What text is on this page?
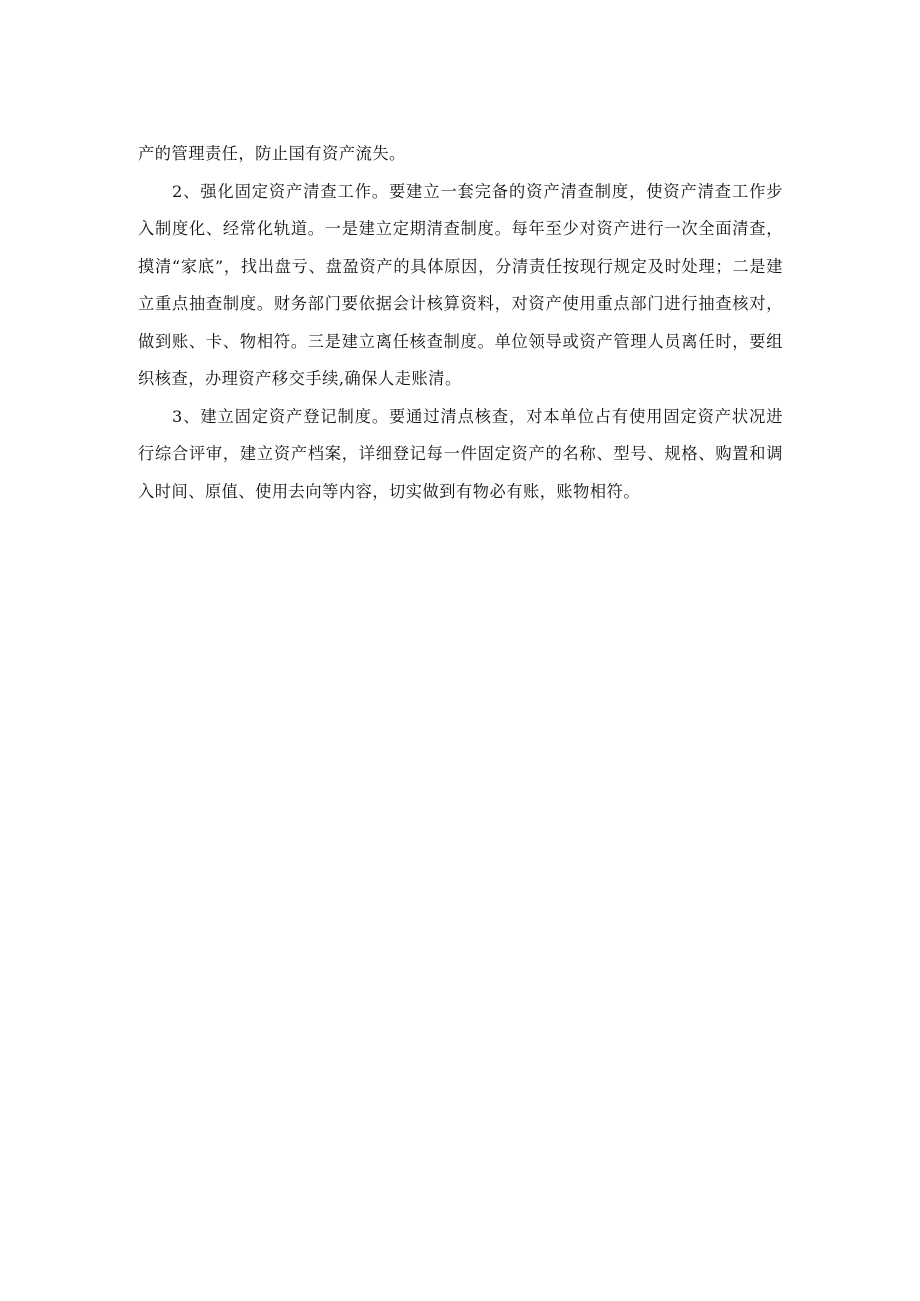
产的管理责任，防止国有资产流失。

2、强化固定资产清查工作。要建立一套完备的资产清查制度，使资产清查工作步入制度化、经常化轨道。一是建立定期清查制度。每年至少对资产进行一次全面清查，摸清“家底”，找出盘亏、盘盈资产的具体原因，分清责任按现行规定及时处理；二是建立重点抽查制度。财务部门要依据会计核算资料，对资产使用重点部门进行抽查核对，做到账、卡、物相符。三是建立离任核查制度。单位领导或资产管理人员离任时，要组织核查，办理资产移交手续,确保人走账清。

3、建立固定资产登记制度。要通过清点核查，对本单位占有使用固定资产状况进行综合评审，建立资产档案，详细登记每一件固定资产的名称、型号、规格、购置和调入时间、原值、使用去向等内容，切实做到有物必有账，账物相符。
